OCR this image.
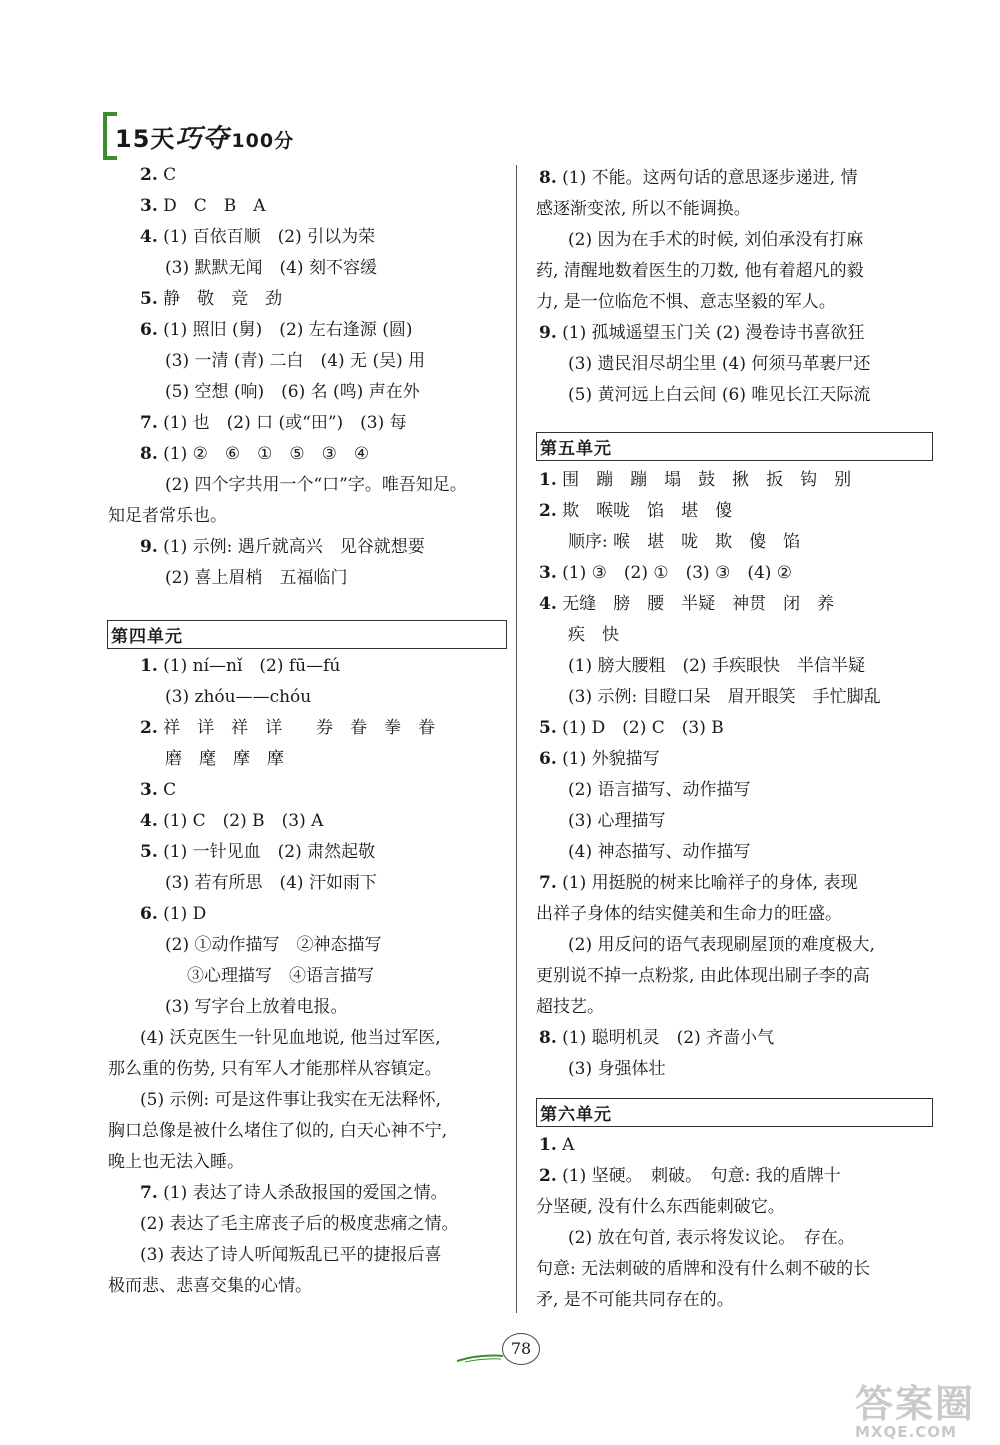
15天巧夺 100分
2. C
3. D　C　B　A
4. (1) 百依百顺　(2) 引以为荣
(3) 默默无闻　(4) 刻不容缓
5. 静　敬　竞　劲
6. (1) 照旧 (舅)　(2) 左右逢源 (圆)
(3) 一清 (青) 二白　(4) 无 (吴) 用
(5) 空想 (响)　(6) 名 (鸣) 声在外
7. (1) 也　(2) 口 (或“田”)　(3) 每
8. (1) ②　⑥　①　⑤　③　④
(2) 四个字共用一个“口”字。唯吾知足。
知足者常乐也。
9. (1) 示例: 遇斤就高兴　见谷就想要
(2) 喜上眉梢　五福临门
第四单元
1. (1) ní—nǐ　(2) fū—fú
(3) zhóu——chóu
2. 祥　详　祥　详　　券　眷　拳　眷
磨　麾　摩　摩
3. C
4. (1) C　(2) B　(3) A
5. (1) 一针见血　(2) 肃然起敬
(3) 若有所思　(4) 汗如雨下
6. (1) D
(2) ①动作描写　②神态描写
③心理描写　④语言描写
(3) 写字台上放着电报。
(4) 沃克医生一针见血地说, 他当过军医,
那么重的伤势, 只有军人才能那样从容镇定。
(5) 示例: 可是这件事让我实在无法释怀,
胸口总像是被什么堵住了似的, 白天心神不宁,
晚上也无法入睡。
7. (1) 表达了诗人杀敌报国的爱国之情。
(2) 表达了毛主席丧子后的极度悲痛之情。
(3) 表达了诗人听闻叛乱已平的捷报后喜
极而悲、悲喜交集的心情。
8. (1) 不能。这两句话的意思逐步递进, 情
感逐渐变浓, 所以不能调换。
(2) 因为在手术的时候, 刘伯承没有打麻
药, 清醒地数着医生的刀数, 他有着超凡的毅
力, 是一位临危不惧、意志坚毅的军人。
9. (1) 孤城遥望玉门关 (2) 漫卷诗书喜欲狂
(3) 遗民泪尽胡尘里 (4) 何须马革裹尸还
(5) 黄河远上白云间 (6) 唯见长江天际流
第五单元
1. 围　蹦　蹦　塌　鼓　揪　扳　钩　别
2. 欺　喉咙　馅　堪　傻
顺序: 喉　堪　咙　欺　傻　馅
3. (1) ③　(2) ①　(3) ③　(4) ②
4. 无缝　膀　腰　半疑　神贯　闭　养
疾　快
(1) 膀大腰粗　(2) 手疾眼快　半信半疑
(3) 示例: 目瞪口呆　眉开眼笑　手忙脚乱
5. (1) D　(2) C　(3) B
6. (1) 外貌描写
(2) 语言描写、动作描写
(3) 心理描写
(4) 神态描写、动作描写
7. (1) 用挺脱的树来比喻祥子的身体, 表现
出祥子身体的结实健美和生命力的旺盛。
(2) 用反问的语气表现刷屋顶的难度极大,
更别说不掉一点粉浆, 由此体现出刷子李的高
超技艺。
8. (1) 聪明机灵　(2) 齐啬小气
(3) 身强体壮
第六单元
1. A
2. (1) 坚硬。　刺破。　句意: 我的盾牌十
分坚硬, 没有什么东西能刺破它。
(2) 放在句首, 表示将发议论。　存在。
句意: 无法刺破的盾牌和没有什么刺不破的长
矛, 是不可能共同存在的。
78
答案圈
MXQE.COM
